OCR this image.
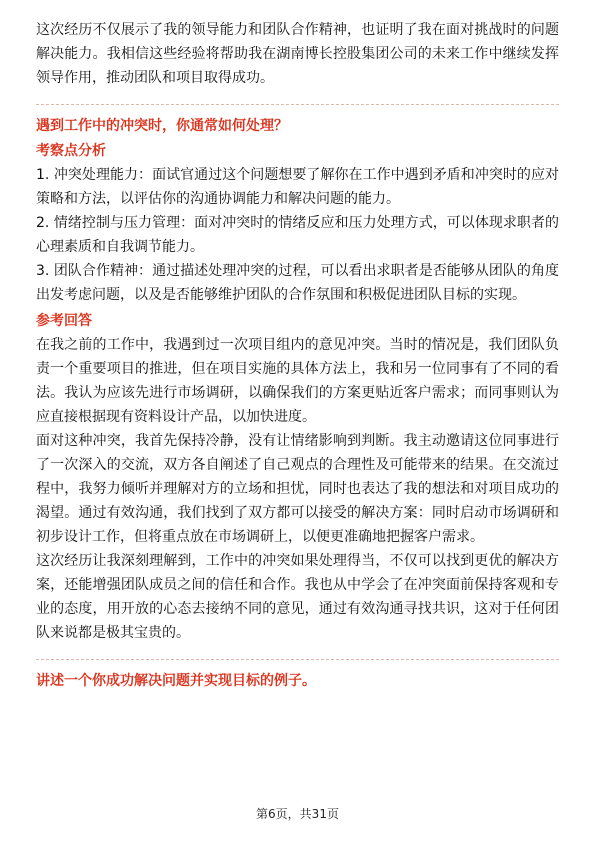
这次经历不仅展示了我的领导能力和团队合作精神，也证明了我在面对挑战时的问题解决能力。我相信这些经验将帮助我在湖南博长控股集团公司的未来工作中继续发挥领导作用，推动团队和项目取得成功。

遇到工作中的冲突时，你通常如何处理？

考察点分析

1. 冲突处理能力：面试官通过这个问题想要了解你在工作中遇到矛盾和冲突时的应对策略和方法，以评估你的沟通协调能力和解决问题的能力。

2. 情绪控制与压力管理：面对冲突时的情绪反应和压力处理方式，可以体现求职者的心理素质和自我调节能力。

3. 团队合作精神：通过描述处理冲突的过程，可以看出求职者是否能够从团队的角度出发考虑问题，以及是否能够维护团队的合作氛围和积极促进团队目标的实现。

参考回答

在我之前的工作中，我遇到过一次项目组内的意见冲突。当时的情况是，我们团队负责一个重要项目的推进，但在项目实施的具体方法上，我和另一位同事有了不同的看法。我认为应该先进行市场调研，以确保我们的方案更贴近客户需求；而同事则认为应直接根据现有资料设计产品，以加快进度。

面对这种冲突，我首先保持冷静，没有让情绪影响到判断。我主动邀请这位同事进行了一次深入的交流，双方各自阐述了自己观点的合理性及可能带来的结果。在交流过程中，我努力倾听并理解对方的立场和担忧，同时也表达了我的想法和对项目成功的渴望。通过有效沟通，我们找到了双方都可以接受的解决方案：同时启动市场调研和初步设计工作，但将重点放在市场调研上，以便更准确地把握客户需求。

这次经历让我深刻理解到，工作中的冲突如果处理得当，不仅可以找到更优的解决方案，还能增强团队成员之间的信任和合作。我也从中学会了在冲突面前保持客观和专业的态度，用开放的心态去接纳不同的意见，通过有效沟通寻找共识，这对于任何团队来说都是极其宝贵的。

讲述一个你成功解决问题并实现目标的例子。

第6页，共31页
